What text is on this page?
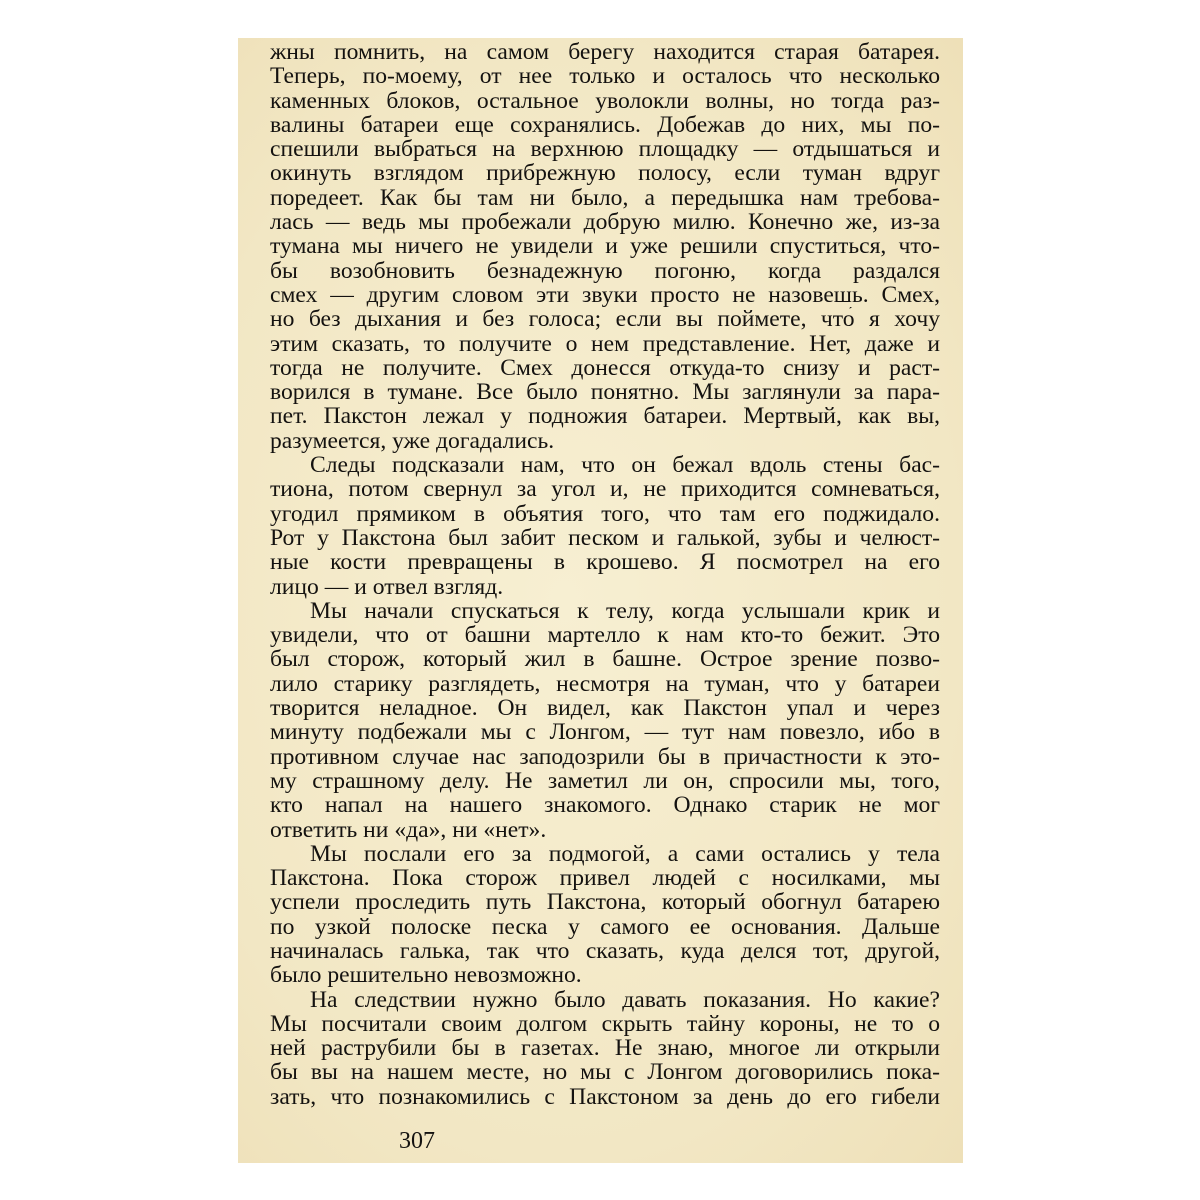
жны помнить, на самом берегу находится старая батарея.
Теперь, по-моему, от нее только и осталось что несколько
каменных блоков, остальное уволокли волны, но тогда раз-
валины батареи еще сохранялись. Добежав до них, мы по-
спешили выбраться на верхнюю площадку — отдышаться и
окинуть взглядом прибрежную полосу, если туман вдруг
поредеет. Как бы там ни было, а передышка нам требова-
лась — ведь мы пробежали добрую милю. Конечно же, из-за
тумана мы ничего не увидели и уже решили спуститься, что-
бы возобновить безнадежную погоню, когда раздался
смех — другим словом эти звуки просто не назовешь. Смех,
но без дыхания и без голоса; если вы поймете, что́ я хочу
этим сказать, то получите о нем представление. Нет, даже и
тогда не получите. Смех донесся откуда-то снизу и раст-
ворился в тумане. Все было понятно. Мы заглянули за пара-
пет. Пакстон лежал у подножия батареи. Мертвый, как вы,
разумеется, уже догадались.
Следы подсказали нам, что он бежал вдоль стены бас-
тиона, потом свернул за угол и, не приходится сомневаться,
угодил прямиком в объятия того, что там его поджидало.
Рот у Пакстона был забит песком и галькой, зубы и челюст-
ные кости превращены в крошево. Я посмотрел на его
лицо — и отвел взгляд.
Мы начали спускаться к телу, когда услышали крик и
увидели, что от башни мартелло к нам кто-то бежит. Это
был сторож, который жил в башне. Острое зрение позво-
лило старику разглядеть, несмотря на туман, что у батареи
творится неладное. Он видел, как Пакстон упал и через
минуту подбежали мы с Лонгом, — тут нам повезло, ибо в
противном случае нас заподозрили бы в причастности к это-
му страшному делу. Не заметил ли он, спросили мы, того,
кто напал на нашего знакомого. Однако старик не мог
ответить ни «да», ни «нет».
Мы послали его за подмогой, а сами остались у тела
Пакстона. Пока сторож привел людей с носилками, мы
успели проследить путь Пакстона, который обогнул батарею
по узкой полоске песка у самого ее основания. Дальше
начиналась галька, так что сказать, куда делся тот, другой,
было решительно невозможно.
На следствии нужно было давать показания. Но какие?
Мы посчитали своим долгом скрыть тайну короны, не то о
ней раструбили бы в газетах. Не знаю, многое ли открыли
бы вы на нашем месте, но мы с Лонгом договорились пока-
зать, что познакомились с Пакстоном за день до его гибели
307
